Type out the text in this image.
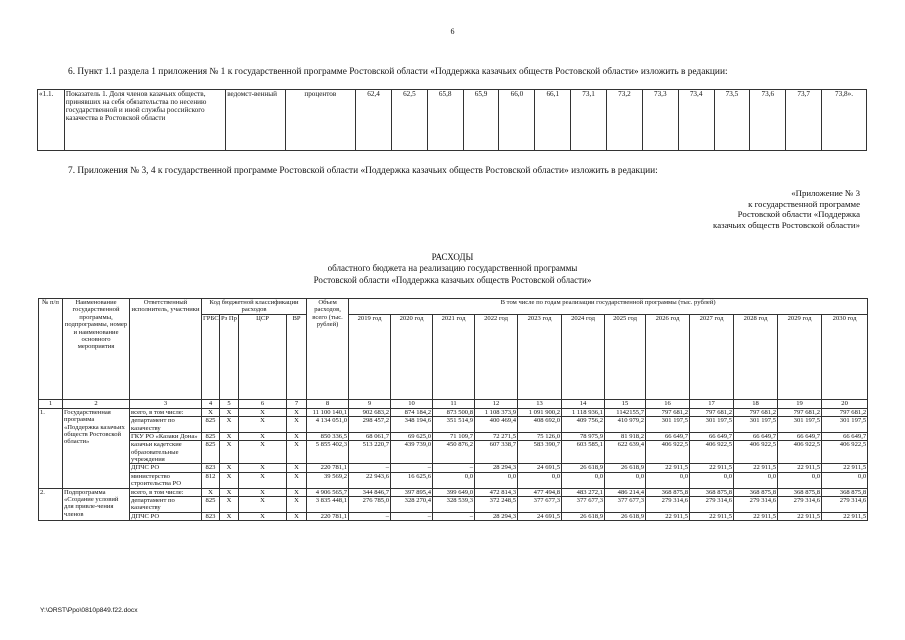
6
6. Пункт 1.1 раздела 1 приложения № 1 к государственной программе Ростовской области «Поддержка казачьих обществ Ростовской области» изложить в редакции:
«1.1.	Показатель 1. Доля членов казачьих обществ, принявших на себя обязательства по несению государственной и иной службы российского казачества в Ростовской области	ведомст-венный	процентов	62,4	62,5	65,8	65,9	66,0	66,1	73,1	73,2	73,3	73,4	73,5	73,6	73,7	73,8».
7. Приложения № 3, 4 к государственной программе Ростовской области «Поддержка казачьих обществ Ростовской области» изложить в редакции:
«Приложение № 3
к государственной программе
Ростовской области «Поддержка
казачьих обществ Ростовской области»
РАСХОДЫ
областного бюджета на реализацию государственной программы
Ростовской области «Поддержка казачьих обществ Ростовской области»
№ п/п	Наименование государственной программы, подпрограммы, номер и наименование основного мероприятия	Ответственный исполнитель, участники	Код бюджетной классификации расходов				Объем расходов, всего (тыс. рублей)	В том числе по годам реализации государственной программы (тыс. рублей)											
			ГРБС	Рз Пр	ЦСР	ВР		2019 год	2020 год	2021 год	2022 год	2023 год	2024 год	2025 год	2026 год	2027 год	2028 год	2029 год	2030 год
1	2	3	4	5	6	7	8	9	10	11	12	13	14	15	16	17	18	19	20
1.	Государственная программа «Поддержка казачьих обществ Ростовской области»	всего, в том числе:	X	X	X	X	11 100 140,1	902 683,2	874 184,2	873 500,8	1 108 373,9	1 091 900,2	1 118 936,1	1142155,7	797 681,2	797 681,2	797 681,2	797 681,2	797 681,2
		департамент по казачеству	825	X	X	X	4 134 051,0	298 457,2	348 194,6	351 514,9	400 469,4	408 692,0	409 756,2	410 979,2	301 197,5	301 197,5	301 197,5	301 197,5	301 197,5
		ГКУ РО «Казаки Дона»	825	X	X	X	850 336,5	68 061,7	69 625,0	71 109,7	72 271,5	75 126,0	78 975,9	81 918,2	66 649,7	66 649,7	66 649,7	66 649,7	66 649,7
		казачьи кадетские образовательные учреждения	825	X	X	X	5 855 402,3	513 220,7	439 739,0	450 876,2	607 338,7	583 390,7	603 585,1	622 639,4	406 922,5	406 922,5	406 922,5	406 922,5	406 922,5
		ДПЧС РО	823	X	X	X	220 781,1	–	–	–	28 294,3	24 691,5	26 618,9	26 618,9	22 911,5	22 911,5	22 911,5	22 911,5	22 911,5
		министерство строительства РО	812	X	X	X	39 569,2	22 943,6	16 625,6	0,0	0,0	0,0	0,0	0,0	0,0	0,0	0,0	0,0	0,0
2.	Подпрограмма «Создание условий для привле-чения членов	всего, в том числе:	X	X	X	X	4 906 565,7	344 846,7	397 895,4	399 649,0	472 814,3	477 494,8	483 272,1	486 214,4	368 875,8	368 875,8	368 875,8	368 875,8	368 875,8
		департамент по казачеству	825	X	X	X	3 835 448,1	276 785,0	328 270,4	328 539,3	372 248,5	377 677,3	377 677,3	377 677,3	279 314,6	279 314,6	279 314,6	279 314,6	279 314,6
		ДПЧС РО	823	X	X	X	220 781,1	–	–	–	28 294,3	24 691,5	26 618,9	26 618,9	22 911,5	22 911,5	22 911,5	22 911,5	22 911,5
Y:\ORST\Ppo\0810p849.f22.docx
